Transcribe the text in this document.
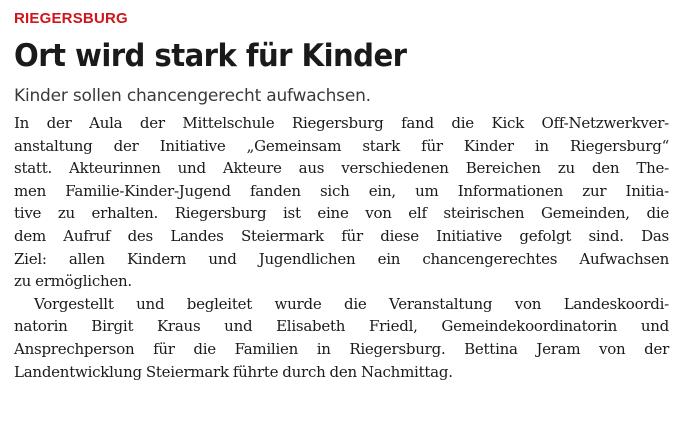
RIEGERSBURG
Ort wird stark für Kinder
Kinder sollen chancengerecht aufwachsen.

In der Aula der Mittelschule Riegersburg fand die Kick Off-Netzwerkver-
anstaltung der Initiative „Gemeinsam stark für Kinder in Riegersburg“
statt. Akteurinnen und Akteure aus verschiedenen Bereichen zu den The-
men Familie-Kinder-Jugend fanden sich ein, um Informationen zur Initia-
tive zu erhalten. Riegersburg ist eine von elf steirischen Gemeinden, die
dem Aufruf des Landes Steiermark für diese Initiative gefolgt sind. Das
Ziel: allen Kindern und Jugendlichen ein chancengerechtes Aufwachsen
zu ermöglichen.

Vorgestellt und begleitet wurde die Veranstaltung von Landeskoordi-
natorin Birgit Kraus und Elisabeth Friedl, Gemeindekoordinatorin und
Ansprechperson für die Familien in Riegersburg. Bettina Jeram von der
Landentwicklung Steiermark führte durch den Nachmittag.
